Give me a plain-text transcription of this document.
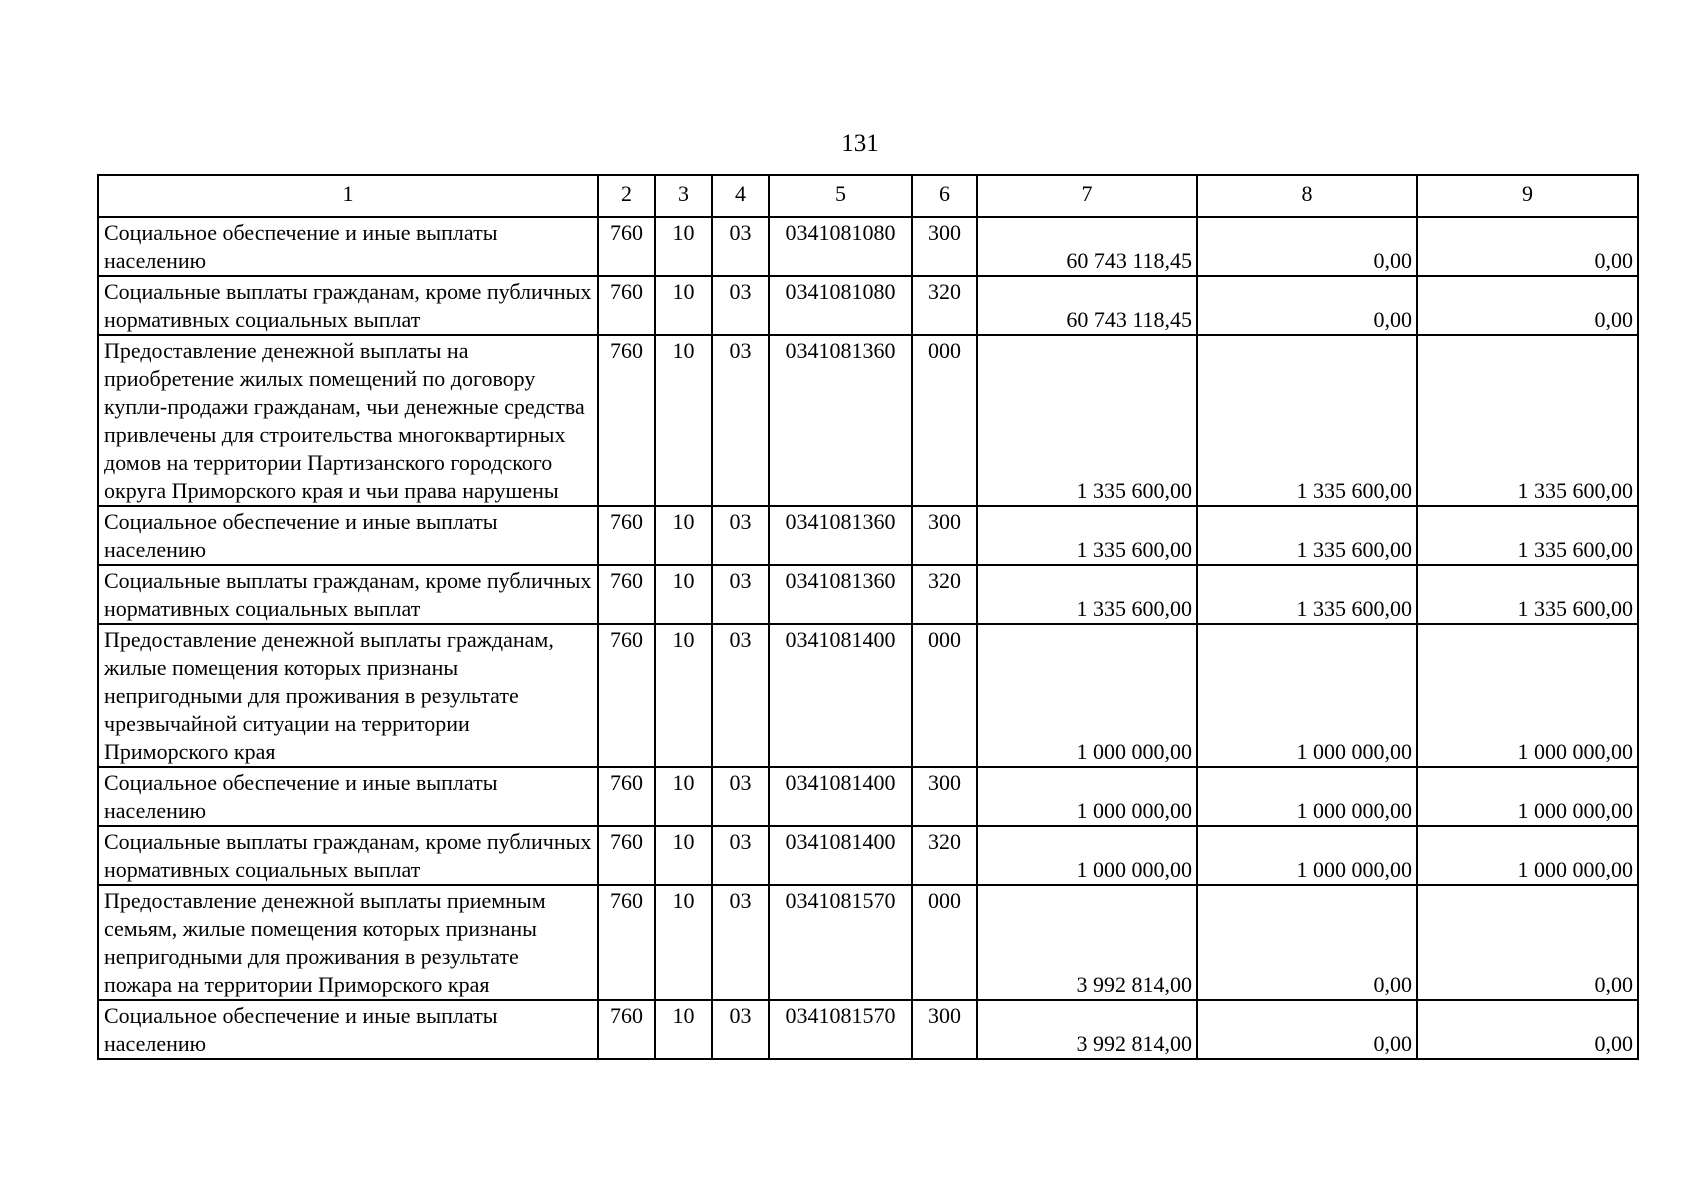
131
1	2	3	4	5	6	7	8	9
Социальное обеспечение и иные выплаты населению	760	10	03	0341081080	300	60 743 118,45	0,00	0,00
Социальные выплаты гражданам, кроме публичных нормативных социальных выплат	760	10	03	0341081080	320	60 743 118,45	0,00	0,00
Предоставление денежной выплаты на приобретение жилых помещений по договору купли-продажи гражданам, чьи денежные средства привлечены для строительства многоквартирных домов на территории Партизанского городского округа Приморского края и чьи права нарушены	760	10	03	0341081360	000	1 335 600,00	1 335 600,00	1 335 600,00
Социальное обеспечение и иные выплаты населению	760	10	03	0341081360	300	1 335 600,00	1 335 600,00	1 335 600,00
Социальные выплаты гражданам, кроме публичных нормативных социальных выплат	760	10	03	0341081360	320	1 335 600,00	1 335 600,00	1 335 600,00
Предоставление денежной выплаты гражданам, жилые помещения которых признаны непригодными для проживания в результате чрезвычайной ситуации на территории Приморского края	760	10	03	0341081400	000	1 000 000,00	1 000 000,00	1 000 000,00
Социальное обеспечение и иные выплаты населению	760	10	03	0341081400	300	1 000 000,00	1 000 000,00	1 000 000,00
Социальные выплаты гражданам, кроме публичных нормативных социальных выплат	760	10	03	0341081400	320	1 000 000,00	1 000 000,00	1 000 000,00
Предоставление денежной выплаты приемным семьям, жилые помещения которых признаны непригодными для проживания в результате пожара на территории Приморского края	760	10	03	0341081570	000	3 992 814,00	0,00	0,00
Социальное обеспечение и иные выплаты населению	760	10	03	0341081570	300	3 992 814,00	0,00	0,00
